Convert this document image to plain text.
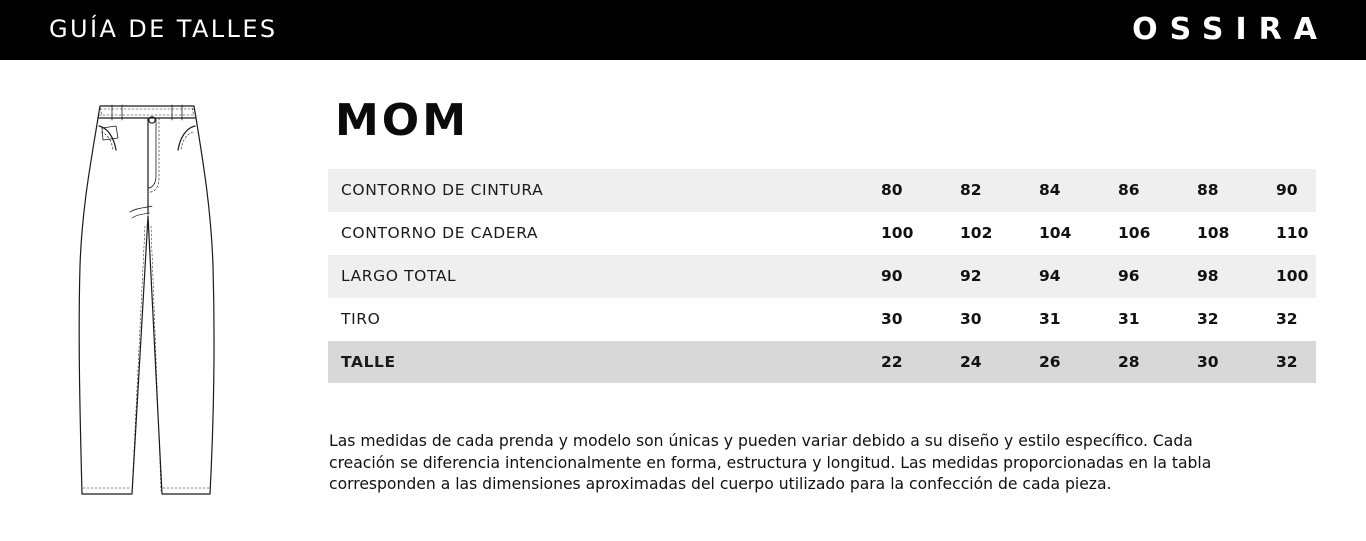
GUÍA DE TALLES	OSSIRA
MOM
CONTORNO DE CINTURA	80	82	84	86	88	90
CONTORNO DE CADERA	100	102	104	106	108	110
LARGO TOTAL	90	92	94	96	98	100
TIRO	30	30	31	31	32	32
TALLE	22	24	26	28	30	32
Las medidas de cada prenda y modelo son únicas y pueden variar debido a su diseño y estilo específico. Cada
creación se diferencia intencionalmente en forma, estructura y longitud. Las medidas proporcionadas en la tabla
corresponden a las dimensiones aproximadas del cuerpo utilizado para la confección de cada pieza.
